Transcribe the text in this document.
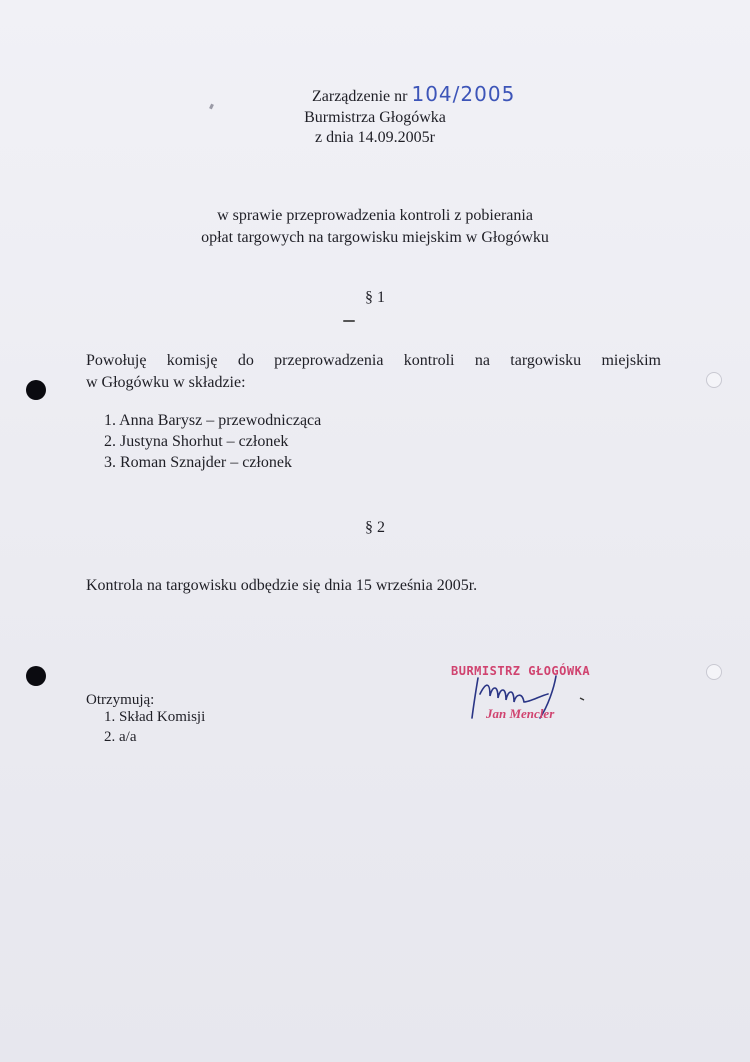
Zarządzenie nr 104/2005
Burmistrza Głogówka
z dnia 14.09.2005r
w sprawie przeprowadzenia kontroli z pobierania
opłat targowych na targowisku miejskim w Głogówku
§ 1
Powołuję komisję do przeprowadzenia kontroli na targowisku miejskim
w Głogówku w składzie:
1. Anna Barysz – przewodnicząca
2. Justyna Shorhut – członek
3. Roman Sznajder – członek
§ 2
Kontrola na targowisku odbędzie się dnia 15 września 2005r.
Otrzymują:
1. Skład Komisji
2. a/a
BURMISTRZ GŁOGÓWKA
Jan Mencler
